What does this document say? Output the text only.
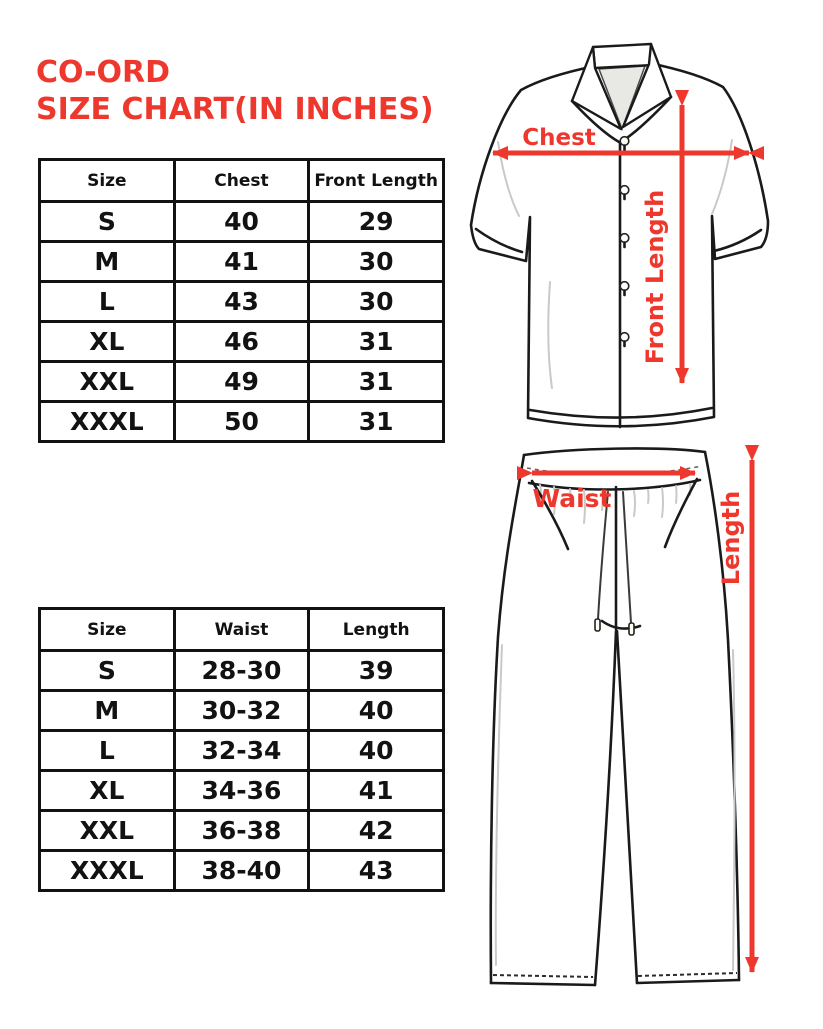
CO-ORD
SIZE CHART(IN INCHES)
Size	Chest	Front Length
S	40	29
M	41	30
L	43	30
XL	46	31
XXL	49	31
XXXL	50	31
Size	Waist	Length
S	28-30	39
M	30-32	40
L	32-34	40
XL	34-36	41
XXL	36-38	42
XXXL	38-40	43
Chest
Front Length
Waist	Length
